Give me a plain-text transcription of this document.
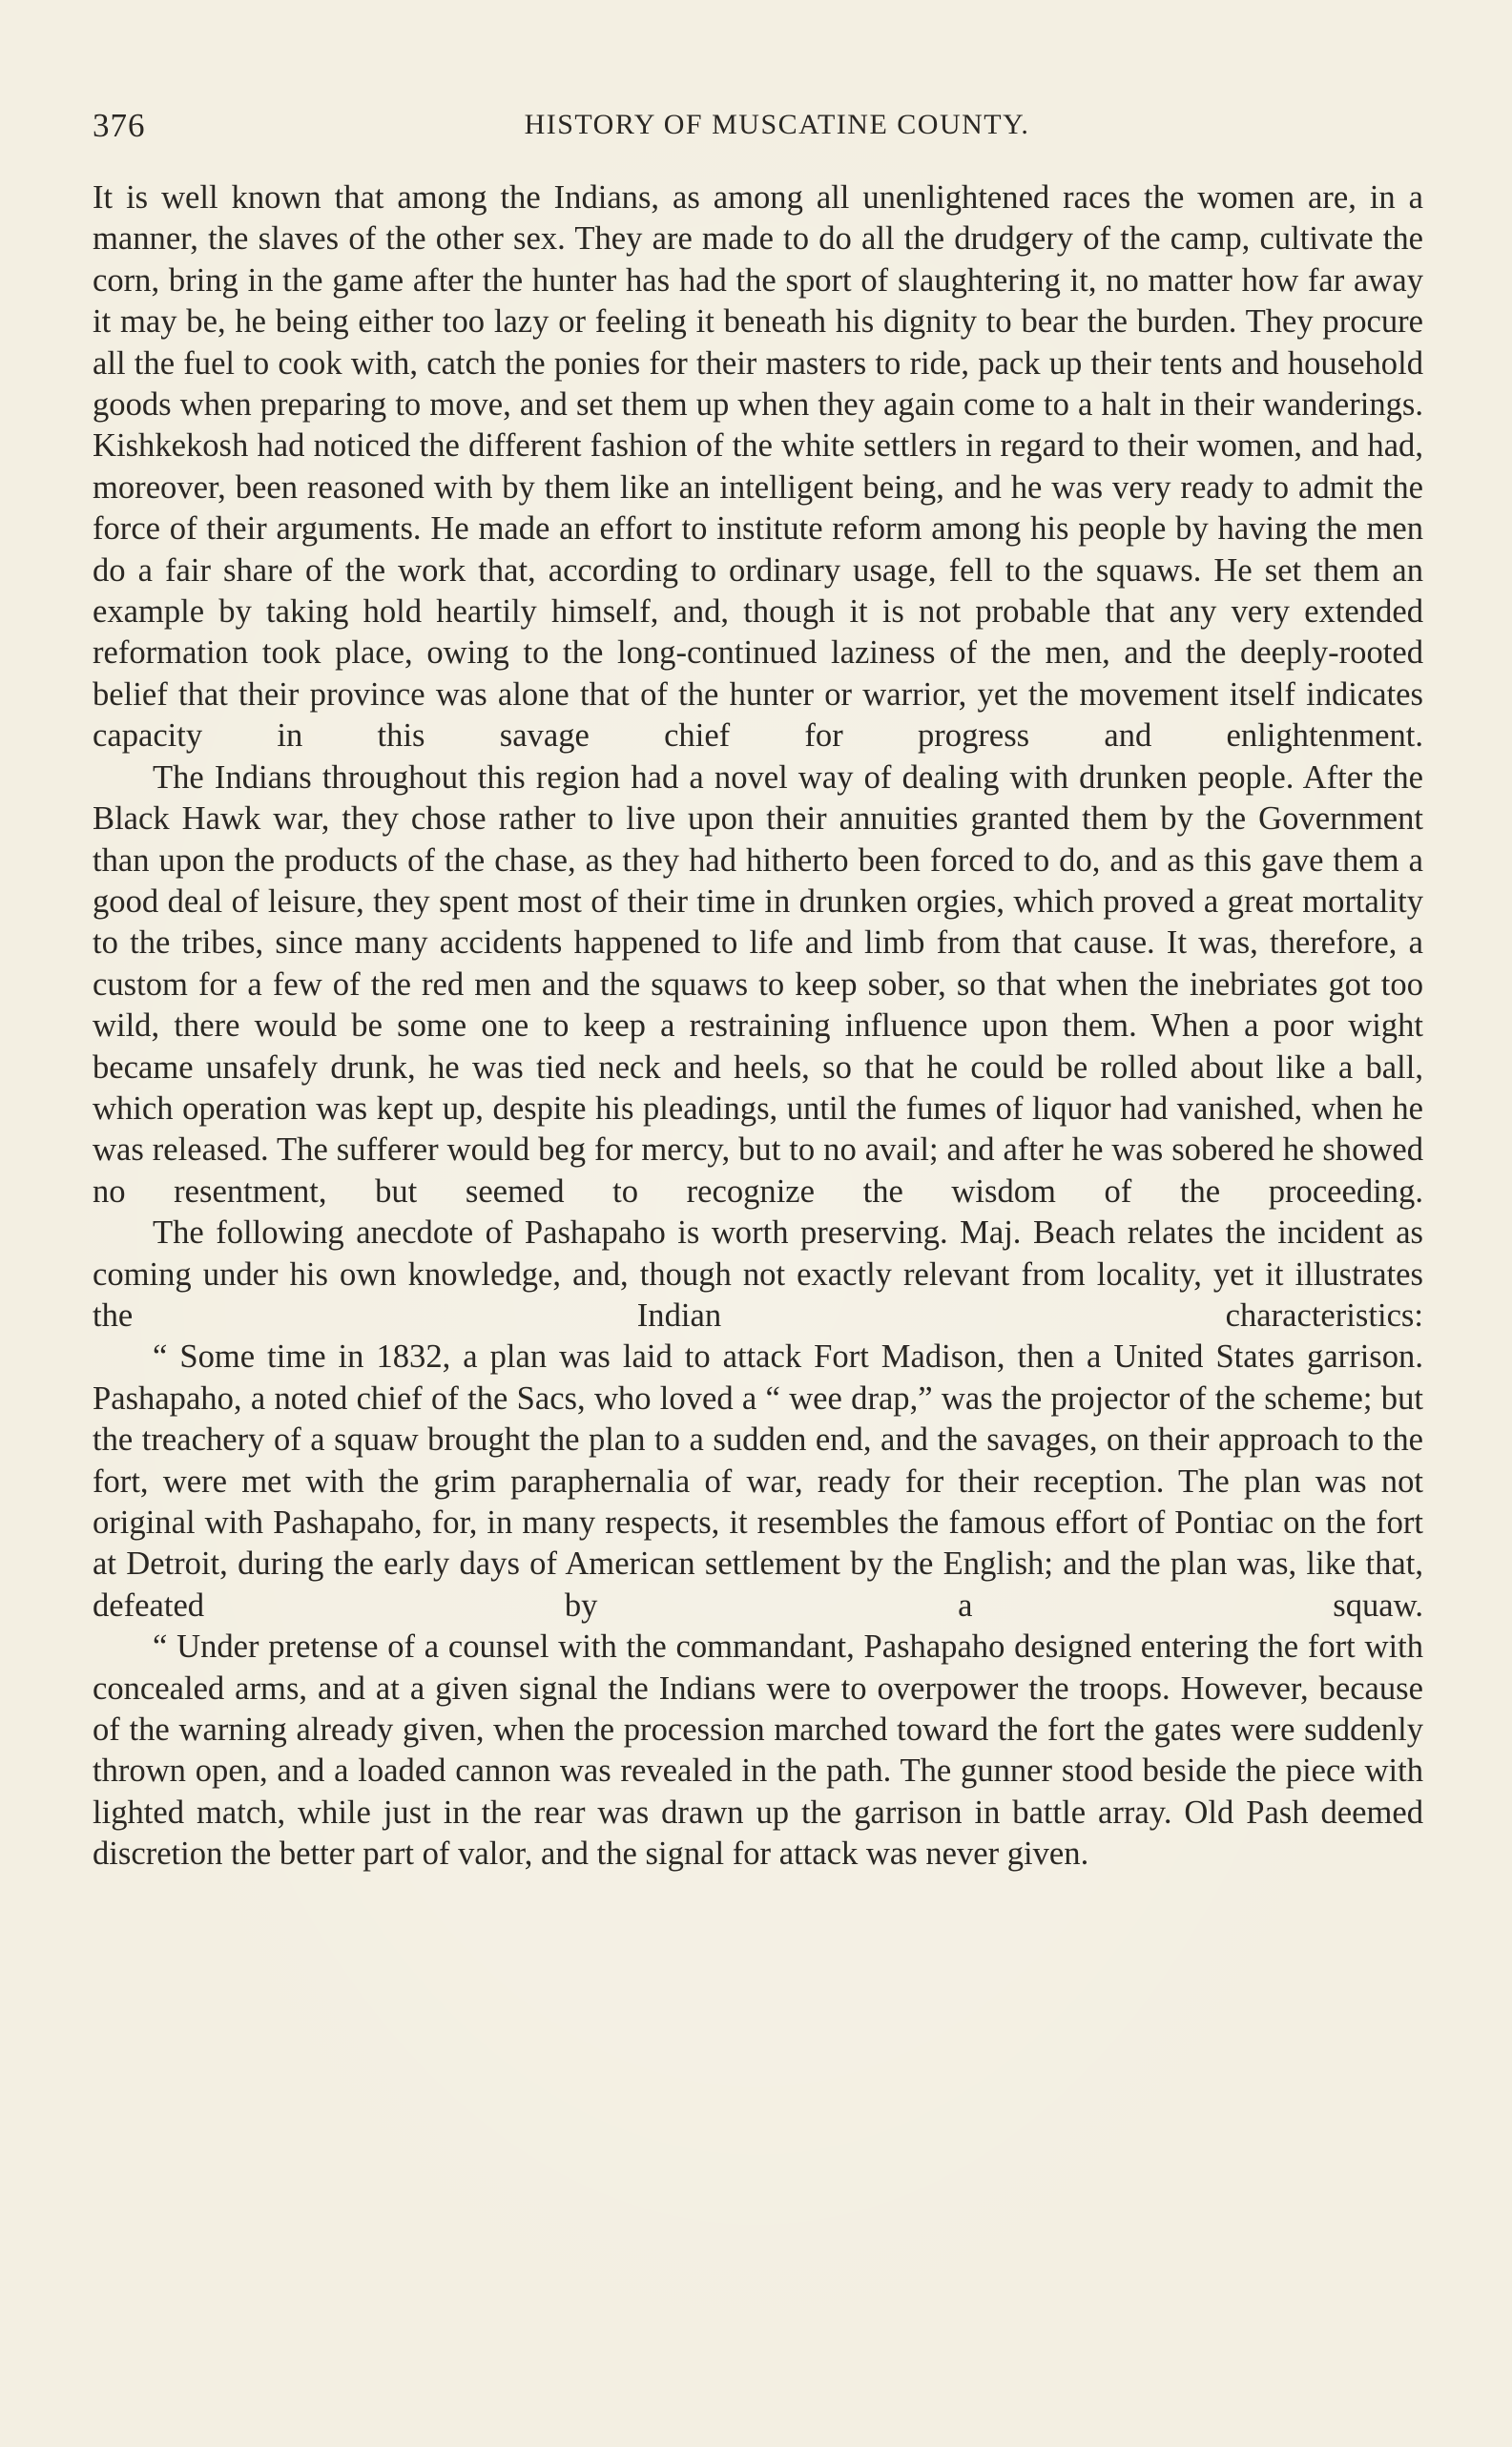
376	HISTORY OF MUSCATINE COUNTY.

It is well known that among the Indians, as among all unenlightened races the women are, in a manner, the slaves of the other sex. They are made to do all the drudgery of the camp, cultivate the corn, bring in the game after the hunter has had the sport of slaughtering it, no matter how far away it may be, he being either too lazy or feeling it beneath his dignity to bear the burden. They procure all the fuel to cook with, catch the ponies for their masters to ride, pack up their tents and household goods when preparing to move, and set them up when they again come to a halt in their wanderings. Kishkekosh had noticed the different fashion of the white settlers in regard to their women, and had, moreover, been reasoned with by them like an intelligent being, and he was very ready to admit the force of their arguments. He made an effort to institute reform among his people by having the men do a fair share of the work that, according to ordinary usage, fell to the squaws. He set them an example by taking hold heartily himself, and, though it is not probable that any very extended reformation took place, owing to the long-continued laziness of the men, and the deeply-rooted belief that their province was alone that of the hunter or warrior, yet the movement itself indicates capacity in this savage chief for progress and enlightenment.

The Indians throughout this region had a novel way of dealing with drunken people. After the Black Hawk war, they chose rather to live upon their annuities granted them by the Government than upon the products of the chase, as they had hitherto been forced to do, and as this gave them a good deal of leisure, they spent most of their time in drunken orgies, which proved a great mortality to the tribes, since many accidents happened to life and limb from that cause. It was, therefore, a custom for a few of the red men and the squaws to keep sober, so that when the inebriates got too wild, there would be some one to keep a restraining influence upon them. When a poor wight became unsafely drunk, he was tied neck and heels, so that he could be rolled about like a ball, which operation was kept up, despite his pleadings, until the fumes of liquor had vanished, when he was released. The sufferer would beg for mercy, but to no avail; and after he was sobered he showed no resentment, but seemed to recognize the wisdom of the proceeding.

The following anecdote of Pashapaho is worth preserving. Maj. Beach relates the incident as coming under his own knowledge, and, though not exactly relevant from locality, yet it illustrates the Indian characteristics:

“ Some time in 1832, a plan was laid to attack Fort Madison, then a United States garrison. Pashapaho, a noted chief of the Sacs, who loved a “ wee drap,” was the projector of the scheme; but the treachery of a squaw brought the plan to a sudden end, and the savages, on their approach to the fort, were met with the grim paraphernalia of war, ready for their reception. The plan was not original with Pashapaho, for, in many respects, it resembles the famous effort of Pontiac on the fort at Detroit, during the early days of American settlement by the English; and the plan was, like that, defeated by a squaw.

“ Under pretense of a counsel with the commandant, Pashapaho designed entering the fort with concealed arms, and at a given signal the Indians were to overpower the troops. However, because of the warning already given, when the procession marched toward the fort the gates were suddenly thrown open, and a loaded cannon was revealed in the path. The gunner stood beside the piece with lighted match, while just in the rear was drawn up the garrison in battle array. Old Pash deemed discretion the better part of valor, and the signal for attack was never given.
